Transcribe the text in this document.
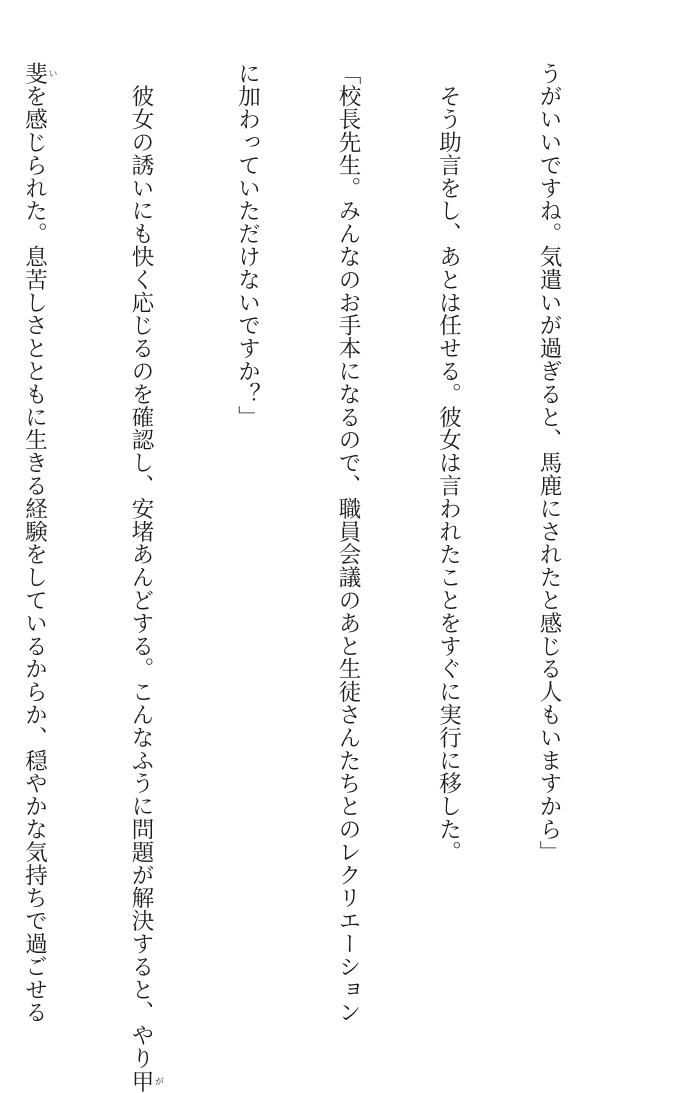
うがいいですね。気遣いが過ぎると、馬鹿にされたと感じる人もいますから」

　そう助言をし、あとは任せる。彼女は言われたことをすぐに実行に移した。

「校長先生。みんなのお手本になるので、職員会議のあと生徒さんたちとのレクリエーション

に加わっていただけないですか？」

　彼女の誘いにも快く応じるのを確認し、安堵あんどする。こんなふうに問題が解決すると、やり甲 が

斐 いを感じられた。息苦しさとともに生きる経験をしているからか、穏やかな気持ちで過ごせる
